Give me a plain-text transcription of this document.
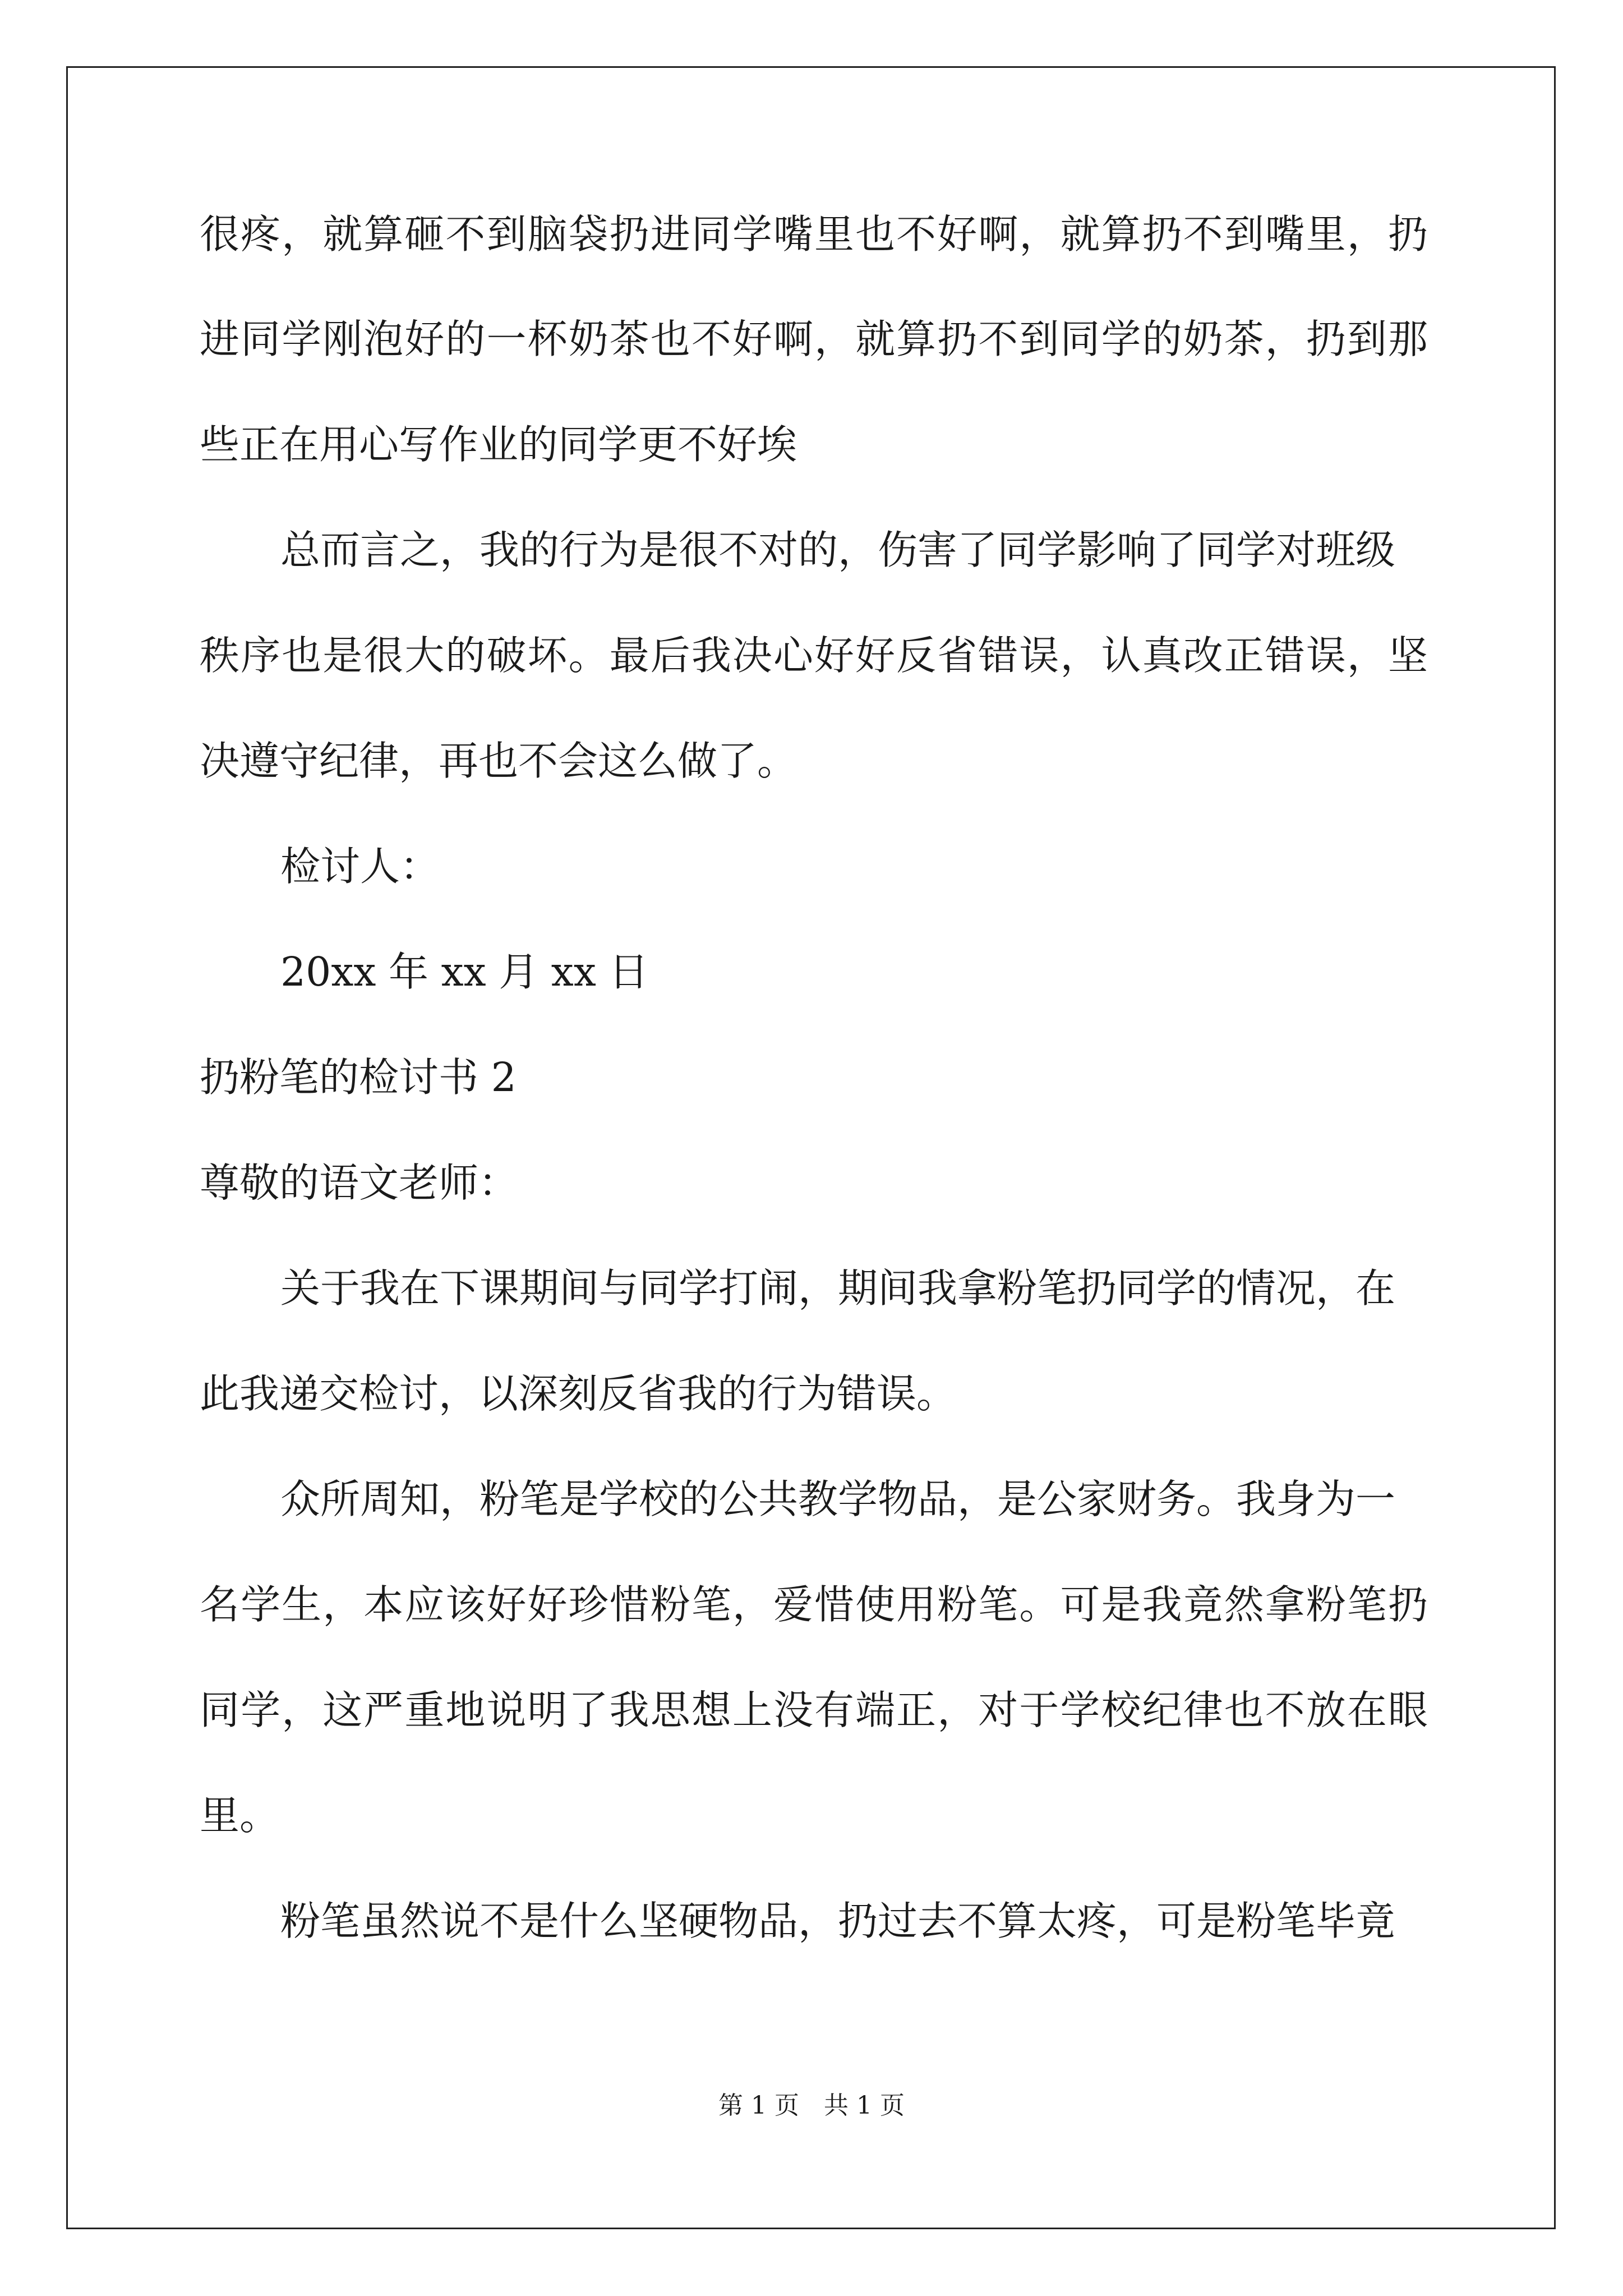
很疼，就算砸不到脑袋扔进同学嘴里也不好啊，就算扔不到嘴里，扔
进同学刚泡好的一杯奶茶也不好啊，就算扔不到同学的奶茶，扔到那
些正在用心写作业的同学更不好埃
总而言之，我的行为是很不对的，伤害了同学影响了同学对班级
秩序也是很大的破坏。最后我决心好好反省错误，认真改正错误，坚
决遵守纪律，再也不会这么做了。
检讨人：
20xx 年 xx 月 xx 日
扔粉笔的检讨书 2
尊敬的语文老师：
关于我在下课期间与同学打闹，期间我拿粉笔扔同学的情况，在
此我递交检讨，以深刻反省我的行为错误。
众所周知，粉笔是学校的公共教学物品，是公家财务。我身为一
名学生，本应该好好珍惜粉笔，爱惜使用粉笔。可是我竟然拿粉笔扔
同学，这严重地说明了我思想上没有端正，对于学校纪律也不放在眼
里。
粉笔虽然说不是什么坚硬物品，扔过去不算太疼，可是粉笔毕竟
第 1 页　共 1 页
